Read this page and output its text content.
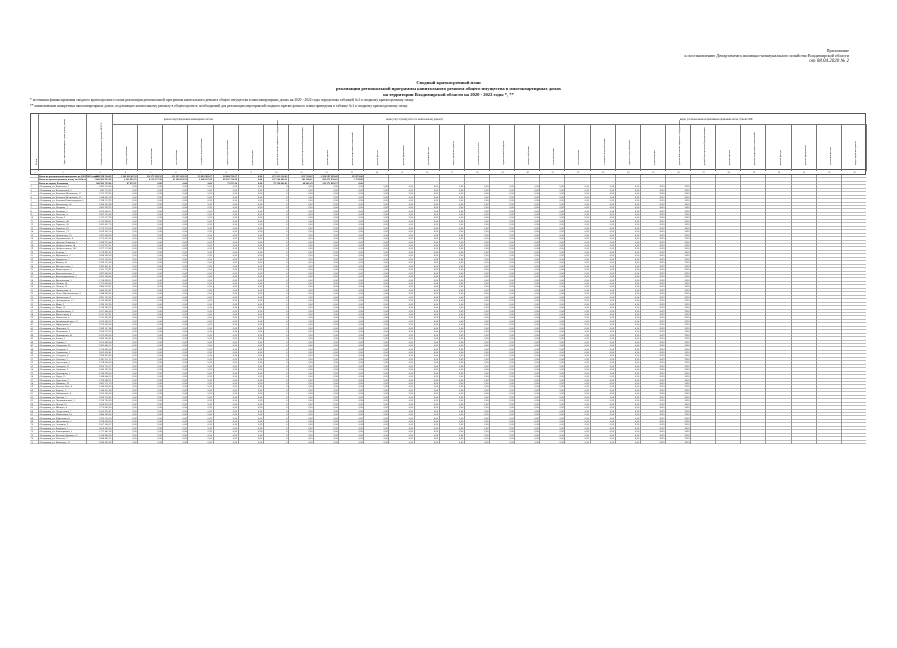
Приложение
к постановлению Департамента жилищно-коммунального хозяйства Владимирской области
от 08.04.2020 № 2
Сводный краткосрочный план
реализации региональной программы капитального ремонта общего имущества в многоквартирных домах
на территории Владимирской области на 2020 - 2022 годы *, **
* источники финансирования сводного краткосрочного плана реализации региональной программы капитального ремонта общего имущества в многоквартирных домах на 2020 - 2022 годы определены таблицей №1 к сводному краткосрочному плану
** наименование конкретных многоквартирных домах, подлежащих капитальному ремонту в общем проекте, необходимый для реализации мероприятий сводного краткосрочного плана приведены в таблице №1 к сводному краткосрочному плану
ремонт внутридомовых инженерных систем	виды услуг и (или) работ по капитальному ремонту	виды, установленные нормативным правовым актом субъекта РФ
№ п/п	Адрес многоквартирного дома (город, улица)	Стоимость капитального ремонта ВСЕГО	электроснабжения	теплоснабжения	газоснабжения	холодного водоснабжения	горячего водоснабжения	водоотведения	ремонт или замена лифтового оборудования	разработка проектной документации	ремонт крыши	ремонт подвальных помещений	ремонт фасада	ремонт фундамента	утепление фасада	переустройство крыши	установка узлов учёта	строительный контроль	электроснабжения	теплоснабжения	газоснабжения	холодного водоснабжения	горячего водоснабжения	водоотведения	ремонт или замена лифтового оборудования	разработка проектной документации	ремонт крыши	ремонт подвальных помещений	ремонт фасада	ремонт фундамента	утепление фасада	переустройство крыши
1	2	3	4	5	6	7	8	9	10	11	12	13	14	15	16	17	18	19	20	21	22	23	24	25	26	27	28	29	30	31	32	33
Итого по региональной программе на 2020-2022 годы
1 888 928 524,49	1 181 829 427,0	111 375 509,52	152 197 029,13	53 962 981,27	38 884 701,27	0,00	471 335 213,43	652 710,22	1 358 597 285,49	153 973,00
Итого по краткосрочному плану на 2020 год	1 060 903 025,28	1 161 965,35	6 516 377,28	41 560 674,22	1 006 657,29	88 955 723,09	0,00	237 546 465,21	161 298,11	820 672 956,41	1 783,80
Итого по городу Владимир	266 982 725,66	87 857,11	0,00	0,00	0,00	73 975,16	0,00	79 728 681,61	48 661,29	232 275 883,73	0,00
1	г. Владимир, ул. Бакинская, 1	1 863 210,98	0,00	0,00	0,00	0,00	0,00	0,00	0	0,00	0,00	0,00	0,00	0,00	0,00	0,00	0,00	0,00	0,00	0,00	0,00	0,00	0,00	2020	2020
2	г. Владимир, ул. Белоконской, 3	695 770,39	0,00	0,00	0,00	0,00	0,00	0,00	0	0,00	0,00	0,00	0,00	0,00	0,00	0,00	0,00	0,00	0,00	0,00	0,00	0,00	0,00	2020	2020
3	г. Владимир, ул. Большая Московская, 17	1 375 279,65	0,00	0,00	0,00	0,00	0,00	0,00	0	0,00	0,00	0,00	0,00	0,00	0,00	0,00	0,00	0,00	0,00	0,00	0,00	0,00	0,00	2020	2020
4	г. Владимир, ул. Большая Московская, 25	1 188 635,59	0,00	0,00	0,00	0,00	0,00	0,00	0	0,00	0,00	0,00	0,00	0,00	0,00	0,00	0,00	0,00	0,00	0,00	0,00	0,00	0,00	2020	2020
5	г. Владимир, ул. Большая Нижегородская, 5	1 788 315,95	0,00	0,00	0,00	0,00	0,00	0,00	0	0,00	0,00	0,00	0,00	0,00	0,00	0,00	0,00	0,00	0,00	0,00	0,00	0,00	0,00	2020	2020
6	г. Владимир, ул. Вокзальная, 14	1 958 565,94	0,00	0,00	0,00	0,00	0,00	0,00	0	0,00	0,00	0,00	0,00	0,00	0,00	0,00	0,00	0,00	0,00	0,00	0,00	0,00	0,00	2020	2020
7	г. Владимир, ул. Гагарина, 1	1 403 939,25	0,00	0,00	0,00	0,00	0,00	0,00	0	0,00	0,00	0,00	0,00	0,00	0,00	0,00	0,00	0,00	0,00	0,00	0,00	0,00	0,00	2020	2020
8	г. Владимир, ул. Гагарина, 2	1 670 036,57	0,00	0,00	0,00	0,00	0,00	0,00	0	0,00	0,00	0,00	0,00	0,00	0,00	0,00	0,00	0,00	0,00	0,00	0,00	0,00	0,00	2020	2020
9	г. Владимир, ул. Гастелло, 9	1 997 513,09	0,00	0,00	0,00	0,00	0,00	0,00	0	0,00	0,00	0,00	0,00	0,00	0,00	0,00	0,00	0,00	0,00	0,00	0,00	0,00	0,00	2020	2020
10	г. Владимир, ул. Гоголя, 2	1 570 117,96	0,00	0,00	0,00	0,00	0,00	0,00	0	0,00	0,00	0,00	0,00	0,00	0,00	0,00	0,00	0,00	0,00	0,00	0,00	0,00	0,00	2020	2020
11	г. Владимир, ул. Горького, 48	3 212 098,87	0,00	0,00	0,00	0,00	0,00	0,00	0	0,00	0,00	0,00	0,00	0,00	0,00	0,00	0,00	0,00	0,00	0,00	0,00	0,00	0,00	2020	2020
12	г. Владимир, ул. Горького, 50	1 832 411,76	0,00	0,00	0,00	0,00	0,00	0,00	0	0,00	0,00	0,00	0,00	0,00	0,00	0,00	0,00	0,00	0,00	0,00	0,00	0,00	0,00	2020	2020
13	г. Владимир, ул. Горького, 62	2 573 213,24	0,00	0,00	0,00	0,00	0,00	0,00	0	0,00	0,00	0,00	0,00	0,00	0,00	0,00	0,00	0,00	0,00	0,00	0,00	0,00	0,00	2020	2020
14	г. Владимир, ул. Горького, 71	1 819 305,14	0,00	0,00	0,00	0,00	0,00	0,00	0	0,00	0,00	0,00	0,00	0,00	0,00	0,00	0,00	0,00	0,00	0,00	0,00	0,00	0,00	2020	2020
15	г. Владимир, ул. Девическая, 13	1 097 000,00	0,00	0,00	0,00	0,00	0,00	0,00	0	0,00	0,00	0,00	0,00	0,00	0,00	0,00	0,00	0,00	0,00	0,00	0,00	0,00	0,00	2020	2020
16	г. Владимир, ул. Дзержинского, 4	1 272 655,36	0,00	0,00	0,00	0,00	0,00	0,00	0	0,00	0,00	0,00	0,00	0,00	0,00	0,00	0,00	0,00	0,00	0,00	0,00	0,00	0,00	2020	2020
17	г. Владимир, ул. Диктора Левитана, 5	1 580 973,64	0,00	0,00	0,00	0,00	0,00	0,00	0	0,00	0,00	0,00	0,00	0,00	0,00	0,00	0,00	0,00	0,00	0,00	0,00	0,00	0,00	2020	2020
18	г. Владимир, ул. Добросельская, 18	3 155 973,31	0,00	0,00	0,00	0,00	0,00	0,00	0	0,00	0,00	0,00	0,00	0,00	0,00	0,00	0,00	0,00	0,00	0,00	0,00	0,00	0,00	2020	2020
19	г. Владимир, ул. Добросельская, 165	1 977 175,69	0,00	0,00	0,00	0,00	0,00	0,00	0	0,00	0,00	0,00	0,00	0,00	0,00	0,00	0,00	0,00	0,00	0,00	0,00	0,00	0,00	2020	2020
20	г. Владимир, ул. Егорова, 1	2 179 897,85	0,00	0,00	0,00	0,00	0,00	0,00	0	0,00	0,00	0,00	0,00	0,00	0,00	0,00	0,00	0,00	0,00	0,00	0,00	0,00	0,00	2020	2020
21	г. Владимир, ул. Жуковского, 3	1 898 580,00	0,00	0,00	0,00	0,00	0,00	0,00	0	0,00	0,00	0,00	0,00	0,00	0,00	0,00	0,00	0,00	0,00	0,00	0,00	0,00	0,00	2020	2020
22	г. Владимир, ул. Завадского, 7	2 053 159,03	0,00	0,00	0,00	0,00	0,00	0,00	0	0,00	0,00	0,00	0,00	0,00	0,00	0,00	0,00	0,00	0,00	0,00	0,00	0,00	0,00	2020	2020
23	г. Владимир, ул. Ильича, 41	2 189 315,56	0,00	0,00	0,00	0,00	0,00	0,00	0	0,00	0,00	0,00	0,00	0,00	0,00	0,00	0,00	0,00	0,00	0,00	0,00	0,00	0,00	2020	2020
24	г. Владимир, ул. Институтская, 1	1 962 451,41	0,00	0,00	0,00	0,00	0,00	0,00	0	0,00	0,00	0,00	0,00	0,00	0,00	0,00	0,00	0,00	0,00	0,00	0,00	0,00	0,00	2020	2020
25	г. Владимир, ул. Комиссарова, 2	1 541 770,91	0,00	0,00	0,00	0,00	0,00	0,00	0	0,00	0,00	0,00	0,00	0,00	0,00	0,00	0,00	0,00	0,00	0,00	0,00	0,00	0,00	2020	2020
26	г. Владимир, ул. Комсомольская, 2	1 987 000,00	0,00	0,00	0,00	0,00	0,00	0,00	0	0,00	0,00	0,00	0,00	0,00	0,00	0,00	0,00	0,00	0,00	0,00	0,00	0,00	0,00	2020	2020
27	г. Владимир, ул. Красноармейская, 3	1 822 360,60	0,00	0,00	0,00	0,00	0,00	0,00	0	0,00	0,00	0,00	0,00	0,00	0,00	0,00	0,00	0,00	0,00	0,00	0,00	0,00	0,00	2020	2020
28	г. Владимир, ул. Кремлёвская, 5	2 118 098,52	0,00	0,00	0,00	0,00	0,00	0,00	0	0,00	0,00	0,00	0,00	0,00	0,00	0,00	0,00	0,00	0,00	0,00	0,00	0,00	0,00	2020	2020
29	г. Владимир, ул. Ленина, 14	1 575 000,00	0,00	0,00	0,00	0,00	0,00	0,00	0	0,00	0,00	0,00	0,00	0,00	0,00	0,00	0,00	0,00	0,00	0,00	0,00	0,00	0,00	2020	2020
30	г. Владимир, ул. Ленина, 23	1 884 050,91	0,00	0,00	0,00	0,00	0,00	0,00	0	0,00	0,00	0,00	0,00	0,00	0,00	0,00	0,00	0,00	0,00	0,00	0,00	0,00	0,00	2020	2020
31	г. Владимир, ул. Лермонтова, 4	1 660 055,47	0,00	0,00	0,00	0,00	0,00	0,00	0	0,00	0,00	0,00	0,00	0,00	0,00	0,00	0,00	0,00	0,00	0,00	0,00	0,00	0,00	2020	2020
32	г. Владимир, ул. Летне-Перевозинская, 3	1 948 009,65	0,00	0,00	0,00	0,00	0,00	0,00	0	0,00	0,00	0,00	0,00	0,00	0,00	0,00	0,00	0,00	0,00	0,00	0,00	0,00	0,00	2020	2020
33	г. Владимир, ул. Ломоносова, 9	1 891 125,85	0,00	0,00	0,00	0,00	0,00	0,00	0	0,00	0,00	0,00	0,00	0,00	0,00	0,00	0,00	0,00	0,00	0,00	0,00	0,00	0,00	2020	2020
34	г. Владимир, ул. Луначарского, 17	2 130 089,82	0,00	0,00	0,00	0,00	0,00	0,00	0	0,00	0,00	0,00	0,00	0,00	0,00	0,00	0,00	0,00	0,00	0,00	0,00	0,00	0,00	2020	2020
35	г. Владимир, ул. Мира, 2	1 590 152,90	0,00	0,00	0,00	0,00	0,00	0,00	0	0,00	0,00	0,00	0,00	0,00	0,00	0,00	0,00	0,00	0,00	0,00	0,00	0,00	0,00	2020	2020
36	г. Владимир, ул. Мира, 15	3 196 580,33	0,00	0,00	0,00	0,00	0,00	0,00	0	0,00	0,00	0,00	0,00	0,00	0,00	0,00	0,00	0,00	0,00	0,00	0,00	0,00	0,00	2020	2020
37	г. Владимир, ул. Михайловская, 3	1 617 400,00	0,00	0,00	0,00	0,00	0,00	0,00	0	0,00	0,00	0,00	0,00	0,00	0,00	0,00	0,00	0,00	0,00	0,00	0,00	0,00	0,00	2020	2020
38	г. Владимир, ул. Мостострой, 4	2 011 253,91	0,00	0,00	0,00	0,00	0,00	0,00	0	0,00	0,00	0,00	0,00	0,00	0,00	0,00	0,00	0,00	0,00	0,00	0,00	0,00	0,00	2020	2020
39	г. Владимир, ул. Никитская, 4	1 575 095,92	0,00	0,00	0,00	0,00	0,00	0,00	0	0,00	0,00	0,00	0,00	0,00	0,00	0,00	0,00	0,00	0,00	0,00	0,00	0,00	0,00	2020	2020
40	г. Владимир, ул. Октябрьский пр-т, 11	1 813 420,23	0,00	0,00	0,00	0,00	0,00	0,00	0	0,00	0,00	0,00	0,00	0,00	0,00	0,00	0,00	0,00	0,00	0,00	0,00	0,00	0,00	2020	2020
41	г. Владимир, ул. Офицерская, 6	1 970 000,00	0,00	0,00	0,00	0,00	0,00	0,00	0	0,00	0,00	0,00	0,00	0,00	0,00	0,00	0,00	0,00	0,00	0,00	0,00	0,00	0,00	2020	2020
42	г. Владимир, ул. Пичугина, 8	1 589 157,88	0,00	0,00	0,00	0,00	0,00	0,00	0	0,00	0,00	0,00	0,00	0,00	0,00	0,00	0,00	0,00	0,00	0,00	0,00	0,00	0,00	2020	2020
43	г. Владимир, ул. Почаевская, 2	1 920 215,20	0,00	0,00	0,00	0,00	0,00	0,00	0	0,00	0,00	0,00	0,00	0,00	0,00	0,00	0,00	0,00	0,00	0,00	0,00	0,00	0,00	2020	2020
44	г. Владимир, ул. Пушкарская, 43	3 073 000,00	0,00	0,00	0,00	0,00	0,00	0,00	0	0,00	0,00	0,00	0,00	0,00	0,00	0,00	0,00	0,00	0,00	0,00	0,00	0,00	0,00	2020	2020
45	г. Владимир, ул. Разина, 1	1 890 240,87	0,00	0,00	0,00	0,00	0,00	0,00	0	0,00	0,00	0,00	0,00	0,00	0,00	0,00	0,00	0,00	0,00	0,00	0,00	0,00	0,00	2020	2020
46	г. Владимир, ул. Садовая, 7	1 612 008,04	0,00	0,00	0,00	0,00	0,00	0,00	0	0,00	0,00	0,00	0,00	0,00	0,00	0,00	0,00	0,00	0,00	0,00	0,00	0,00	0,00	2020	2020
47	г. Владимир, ул. Свердлова, 20	2 095 440,13	0,00	0,00	0,00	0,00	0,00	0,00	0	0,00	0,00	0,00	0,00	0,00	0,00	0,00	0,00	0,00	0,00	0,00	0,00	0,00	0,00	2020	2020
48	г. Владимир, ул. Северная, 3	1 724 000,00	0,00	0,00	0,00	0,00	0,00	0,00	0	0,00	0,00	0,00	0,00	0,00	0,00	0,00	0,00	0,00	0,00	0,00	0,00	0,00	0,00	2020	2020
49	г. Владимир, ул. Славянская, 1	1 852 650,41	0,00	0,00	0,00	0,00	0,00	0,00	0	0,00	0,00	0,00	0,00	0,00	0,00	0,00	0,00	0,00	0,00	0,00	0,00	0,00	0,00	2020	2020
50	г. Владимир, ул. Соборная, 4	1 996 820,00	0,00	0,00	0,00	0,00	0,00	0,00	0	0,00	0,00	0,00	0,00	0,00	0,00	0,00	0,00	0,00	0,00	0,00	0,00	0,00	0,00	2020	2020
51	г. Владимир, ул. Спасская, 2	2 047 511,35	0,00	0,00	0,00	0,00	0,00	0,00	0	0,00	0,00	0,00	0,00	0,00	0,00	0,00	0,00	0,00	0,00	0,00	0,00	0,00	0,00	2020	2020
52	г. Владимир, ул. Стрелецкая, 5	1 578 000,00	0,00	0,00	0,00	0,00	0,00	0,00	0	0,00	0,00	0,00	0,00	0,00	0,00	0,00	0,00	0,00	0,00	0,00	0,00	0,00	0,00	2020	2020
53	г. Владимир, ул. Суворова, 11	1 833 715,27	0,00	0,00	0,00	0,00	0,00	0,00	0	0,00	0,00	0,00	0,00	0,00	0,00	0,00	0,00	0,00	0,00	0,00	0,00	0,00	0,00	2020	2020
54	г. Владимир, ул. Сурикова, 3	1 945 502,08	0,00	0,00	0,00	0,00	0,00	0,00	0	0,00	0,00	0,00	0,00	0,00	0,00	0,00	0,00	0,00	0,00	0,00	0,00	0,00	0,00	2020	2020
55	г. Владимир, ул. Тракторная, 1	2 224 590,00	0,00	0,00	0,00	0,00	0,00	0,00	0	0,00	0,00	0,00	0,00	0,00	0,00	0,00	0,00	0,00	0,00	0,00	0,00	0,00	0,00	2020	2020
56	г. Владимир, ул. Труда, 15	1 568 044,53	0,00	0,00	0,00	0,00	0,00	0,00	0	0,00	0,00	0,00	0,00	0,00	0,00	0,00	0,00	0,00	0,00	0,00	0,00	0,00	0,00	2020	2020
57	г. Владимир, ул. Тургенева, 2	1 709 008,51	0,00	0,00	0,00	0,00	0,00	0,00	0	0,00	0,00	0,00	0,00	0,00	0,00	0,00	0,00	0,00	0,00	0,00	0,00	0,00	0,00	2020	2020
58	г. Владимир, ул. Урицкого, 22	1 965 371,19	0,00	0,00	0,00	0,00	0,00	0,00	0	0,00	0,00	0,00	0,00	0,00	0,00	0,00	0,00	0,00	0,00	0,00	0,00	0,00	0,00	2020	2020
59	г. Владимир, ул. Усти-на-Лабе, 4	2 140 000,00	0,00	0,00	0,00	0,00	0,00	0,00	0	0,00	0,00	0,00	0,00	0,00	0,00	0,00	0,00	0,00	0,00	0,00	0,00	0,00	0,00	2020	2020
60	г. Владимир, ул. Фрунзе, 1	1 594 211,86	0,00	0,00	0,00	0,00	0,00	0,00	0	0,00	0,00	0,00	0,00	0,00	0,00	0,00	0,00	0,00	0,00	0,00	0,00	0,00	0,00	2020	2020
61	г. Владимир, ул. Чайковского, 8	1 812 500,00	0,00	0,00	0,00	0,00	0,00	0,00	0	0,00	0,00	0,00	0,00	0,00	0,00	0,00	0,00	0,00	0,00	0,00	0,00	0,00	0,00	2020	2020
62	г. Владимир, ул. Чапаева, 5	1 930 270,45	0,00	0,00	0,00	0,00	0,00	0,00	0	0,00	0,00	0,00	0,00	0,00	0,00	0,00	0,00	0,00	0,00	0,00	0,00	0,00	0,00	2020	2020
63	г. Владимир, ул. Чернышевского, 3	2 150 700,00	0,00	0,00	0,00	0,00	0,00	0,00	0	0,00	0,00	0,00	0,00	0,00	0,00	0,00	0,00	0,00	0,00	0,00	0,00	0,00	0,00	2020	2020
64	г. Владимир, ул. Чехова, 10	1 620 815,39	0,00	0,00	0,00	0,00	0,00	0,00	0	0,00	0,00	0,00	0,00	0,00	0,00	0,00	0,00	0,00	0,00	0,00	0,00	0,00	0,00	2020	2020
65	г. Владимир, ул. Шмидта, 4	1 775 000,00	0,00	0,00	0,00	0,00	0,00	0,00	0	0,00	0,00	0,00	0,00	0,00	0,00	0,00	0,00	0,00	0,00	0,00	0,00	0,00	0,00	2020	2020
66	г. Владимир, ул. Энергетиков, 7	2 013 470,91	0,00	0,00	0,00	0,00	0,00	0,00	0	0,00	0,00	0,00	0,00	0,00	0,00	0,00	0,00	0,00	0,00	0,00	0,00	0,00	0,00	2020	2020
67	г. Владимир, ул. Юбилейная, 14	1 864 300,00	0,00	0,00	0,00	0,00	0,00	0,00	0	0,00	0,00	0,00	0,00	0,00	0,00	0,00	0,00	0,00	0,00	0,00	0,00	0,00	0,00	2020	2020
68	г. Владимир, ул. Юрьевская, 6	1 592 218,74	0,00	0,00	0,00	0,00	0,00	0,00	0	0,00	0,00	0,00	0,00	0,00	0,00	0,00	0,00	0,00	0,00	0,00	0,00	0,00	0,00	2020	2020
69	г. Владимир, ул. Ярославская, 3	1 918 000,00	0,00	0,00	0,00	0,00	0,00	0,00	0	0,00	0,00	0,00	0,00	0,00	0,00	0,00	0,00	0,00	0,00	0,00	0,00	0,00	0,00	2020	2020
70	г. Владимир, ул. Асаткина, 9	2 107 566,12	0,00	0,00	0,00	0,00	0,00	0,00	0	0,00	0,00	0,00	0,00	0,00	0,00	0,00	0,00	0,00	0,00	0,00	0,00	0,00	0,00	2020	2020
71	г. Владимир, ул. Батурина, 2	1 656 000,00	0,00	0,00	0,00	0,00	0,00	0,00	0	0,00	0,00	0,00	0,00	0,00	0,00	0,00	0,00	0,00	0,00	0,00	0,00	0,00	0,00	2020	2020
72	г. Владимир, ул. Благонравова, 5	1 771 403,58	0,00	0,00	0,00	0,00	0,00	0,00	0	0,00	0,00	0,00	0,00	0,00	0,00	0,00	0,00	0,00	0,00	0,00	0,00	0,00	0,00	2020	2020
73	г. Владимир, ул. Верхняя Дуброва, 12	2 236 900,00	0,00	0,00	0,00	0,00	0,00	0,00	0	0,00	0,00	0,00	0,00	0,00	0,00	0,00	0,00	0,00	0,00	0,00	0,00	0,00	0,00	2020	2020
74	г. Владимир, ул. Гастелло, 7	1 694 081,25	0,00	0,00	0,00	0,00	0,00	0,00	0	0,00	0,00	0,00	0,00	0,00	0,00	0,00	0,00	0,00	0,00	0,00	0,00	0,00	0,00	2020	2020
75	г. Владимир, ул. Каманина, 31	2 008 000,00	0,00	0,00	0,00	0,00	0,00	0,00	0	0,00	0,00	0,00	0,00	0,00	0,00	0,00	0,00	0,00	0,00	0,00	0,00	0,00	0,00	2020	2020
